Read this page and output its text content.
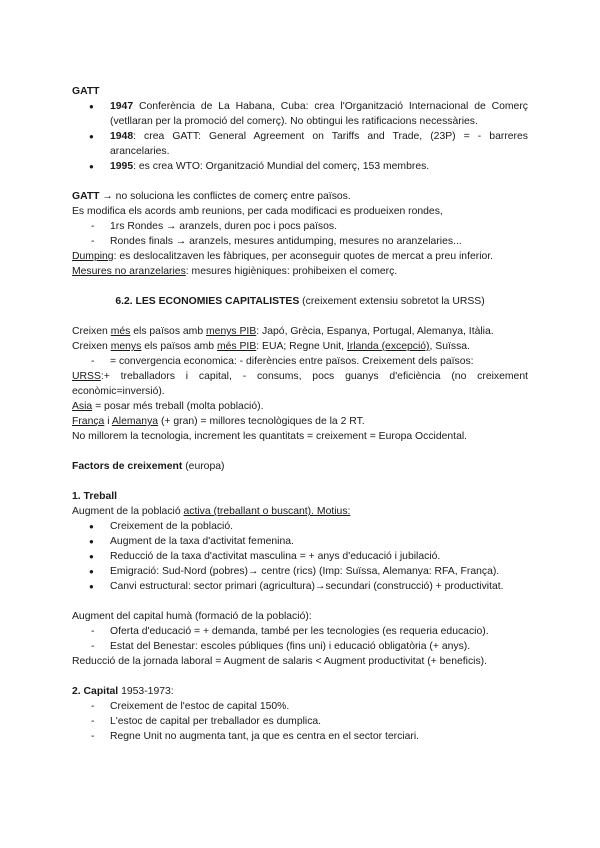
GATT

● 1947 Conferència de La Habana, Cuba: crea l'Organització Internacional de Comerç (vetllaran per la promoció del comerç). No obtingui les ratificacions necessàries.
● 1948: crea GATT: General Agreement on Tariffs and Trade, (23P) = - barreres arancelaries.
● 1995: es crea WTO: Organització Mundial del comerç, 153 membres.

GATT → no soluciona les conflictes de comerç entre països.

Es modifica els acords amb reunions, per cada modificaci es produeixen rondes,

- 1rs Rondes → aranzels, duren poc i pocs països.
- Rondes finals → aranzels, mesures antidumping, mesures no aranzelaries...

Dumping: es deslocalitzaven les fàbriques, per aconseguir quotes de mercat a preu inferior.

Mesures no aranzelaries: mesures higièniques: prohibeixen el comerç.

6.2. LES ECONOMIES CAPITALISTES (creixement extensiu sobretot la URSS)

Creixen més els països amb menys PIB: Japó, Grècia, Espanya, Portugal, Alemanya, Itàlia.

Creixen menys els països amb més PIB: EUA; Regne Unit, Irlanda (excepció), Suïssa.

- = convergencia economica: - diferències entre països. Creixement dels països:

URSS:+ treballadors i capital, - consums, pocs guanys d'eficiència (no creixement econòmic=inversió).

Asia = posar més treball (molta població).

França i Alemanya (+ gran) = millores tecnològiques de la 2 RT.

No millorem la tecnologia, increment les quantitats = creixement = Europa Occidental.

Factors de creixement (europa)

1. Treball

Augment de la població activa (treballant o buscant). Motius:

● Creixement de la població.
● Augment de la taxa d'activitat femenina.
● Reducció de la taxa d'activitat masculina = + anys d'educació i jubilació.
● Emigració: Sud-Nord (pobres)→ centre (rics) (Imp: Suïssa, Alemanya: RFA, França).
● Canvi estructural: sector primari (agricultura)→secundari (construcció) + productivitat.

Augment del capital humà (formació de la població):

- Oferta d'educació = + demanda, també per les tecnologies (es requeria educacio).
- Estat del Benestar: escoles públiques (fins uni) i educació obligatòria (+ anys).

Reducció de la jornada laboral = Augment de salaris < Augment productivitat (+ beneficis).

2. Capital 1953-1973:

- Creixement de l'estoc de capital 150%.
- L'estoc de capital per treballador es dumplica.
- Regne Unit no augmenta tant, ja que es centra en el sector terciari.
